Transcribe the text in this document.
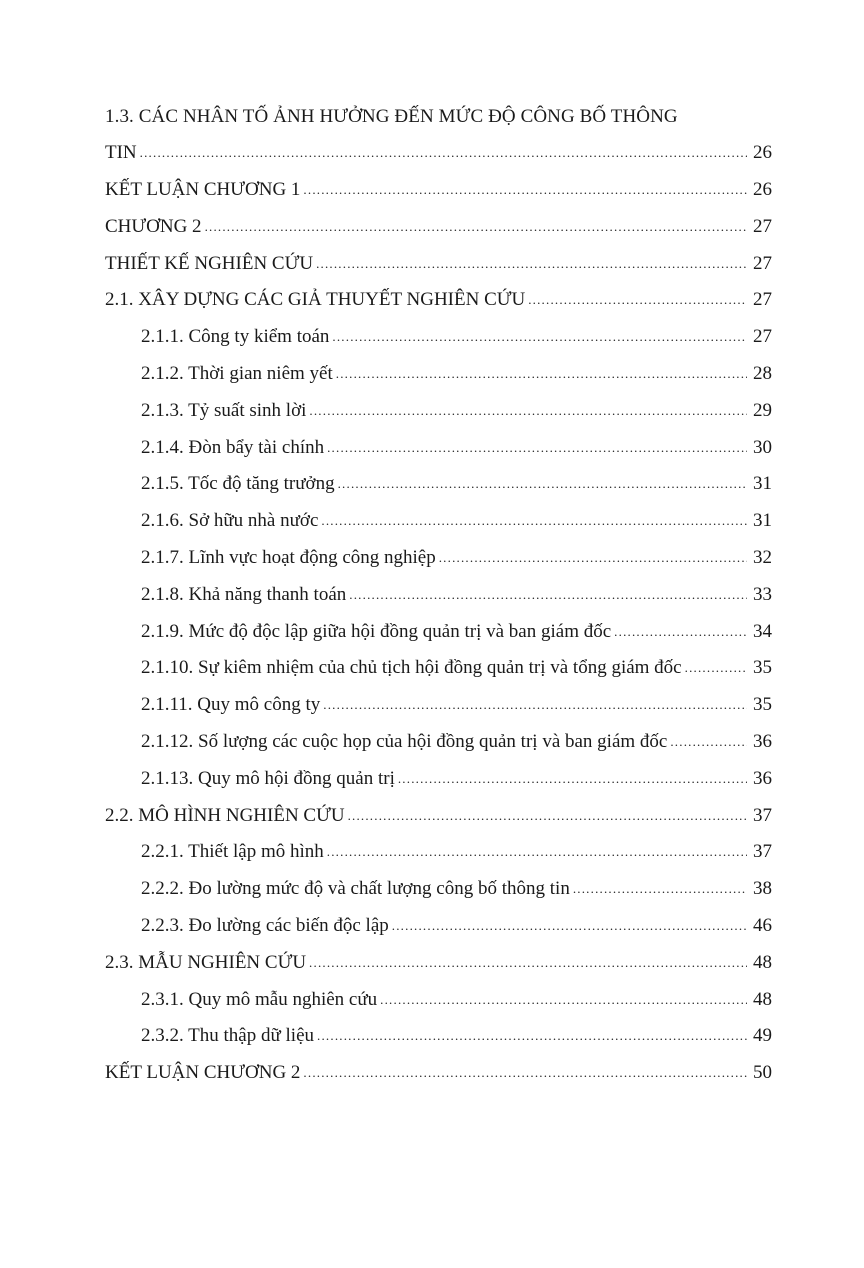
1.3. CÁC NHÂN TỐ ẢNH HƯỞNG ĐẾN MỨC ĐỘ CÔNG BỐ THÔNG
TIN .....	26
KẾT LUẬN CHƯƠNG 1 .....	26
CHƯƠNG 2 .....	27
THIẾT KẾ NGHIÊN CỨU .....	27
2.1. XÂY DỰNG CÁC GIẢ THUYẾT NGHIÊN CỨU .....	27
2.1.1. Công ty kiểm toán .....	27
2.1.2. Thời gian niêm yết .....	28
2.1.3. Tỷ suất sinh lời .....	29
2.1.4. Đòn bẩy tài chính .....	30
2.1.5. Tốc độ tăng trưởng .....	31
2.1.6. Sở hữu nhà nước .....	31
2.1.7. Lĩnh vực hoạt động công nghiệp .....	32
2.1.8. Khả năng thanh toán .....	33
2.1.9. Mức độ độc lập giữa hội đồng quản trị và ban giám đốc .....	34
2.1.10. Sự kiêm nhiệm của chủ tịch hội đồng quản trị và tổng giám đốc .....	35
2.1.11. Quy mô công ty .....	35
2.1.12. Số lượng các cuộc họp của hội đồng quản trị và ban giám đốc .....	36
2.1.13. Quy mô hội đồng quản trị .....	36
2.2. MÔ HÌNH NGHIÊN CỨU .....	37
2.2.1. Thiết lập mô hình .....	37
2.2.2. Đo lường mức độ và chất lượng công bố thông tin .....	38
2.2.3. Đo lường các biến độc lập .....	46
2.3. MẪU NGHIÊN CỨU .....	48
2.3.1. Quy mô mẫu nghiên cứu .....	48
2.3.2. Thu thập dữ liệu .....	49
KẾT LUẬN CHƯƠNG 2 .....	50
